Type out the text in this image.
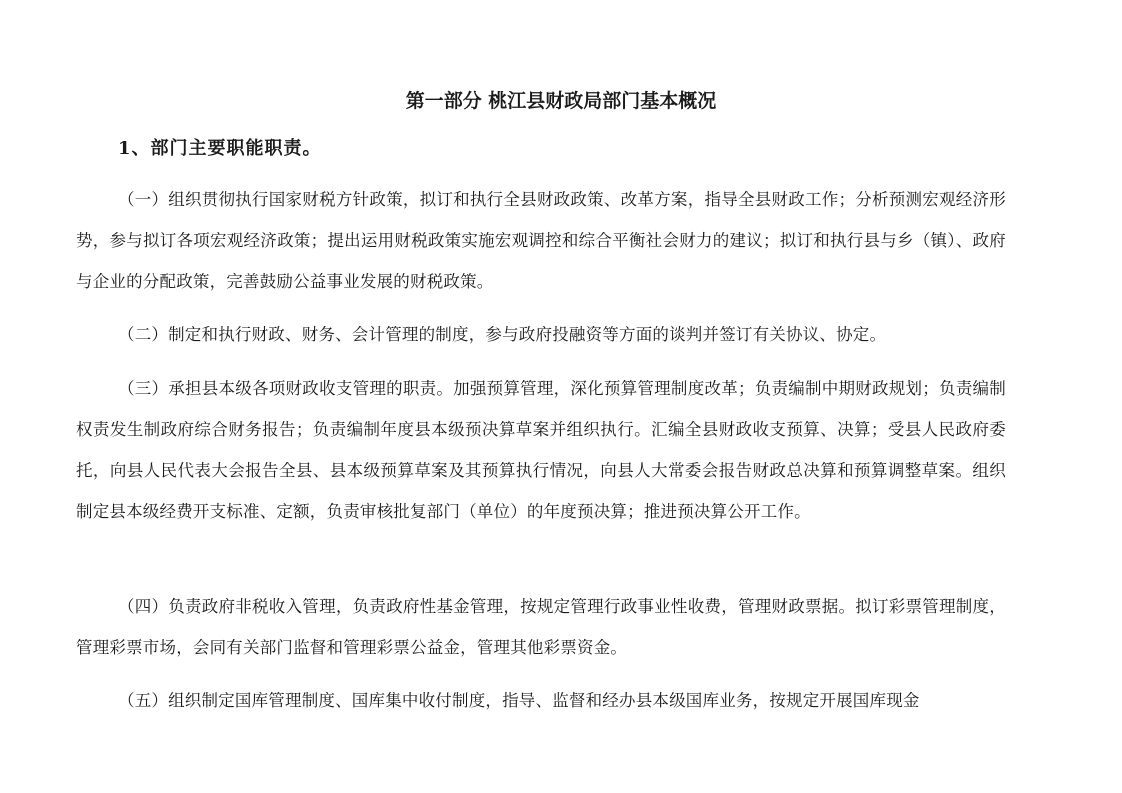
第一部分 桃江县财政局部门基本概况
1、部门主要职能职责。

（一）组织贯彻执行国家财税方针政策，拟订和执行全县财政政策、改革方案，指导全县财政工作；分析预测宏观经济形势，参与拟订各项宏观经济政策；提出运用财税政策实施宏观调控和综合平衡社会财力的建议；拟订和执行县与乡（镇）、政府与企业的分配政策，完善鼓励公益事业发展的财税政策。

（二）制定和执行财政、财务、会计管理的制度，参与政府投融资等方面的谈判并签订有关协议、协定。

（三）承担县本级各项财政收支管理的职责。加强预算管理，深化预算管理制度改革；负责编制中期财政规划；负责编制权责发生制政府综合财务报告；负责编制年度县本级预决算草案并组织执行。汇编全县财政收支预算、决算；受县人民政府委托，向县人民代表大会报告全县、县本级预算草案及其预算执行情况，向县人大常委会报告财政总决算和预算调整草案。组织制定县本级经费开支标准、定额，负责审核批复部门（单位）的年度预决算；推进预决算公开工作。

（四）负责政府非税收入管理，负责政府性基金管理，按规定管理行政事业性收费，管理财政票据。拟订彩票管理制度，管理彩票市场，会同有关部门监督和管理彩票公益金，管理其他彩票资金。

（五）组织制定国库管理制度、国库集中收付制度，指导、监督和经办县本级国库业务，按规定开展国库现金
